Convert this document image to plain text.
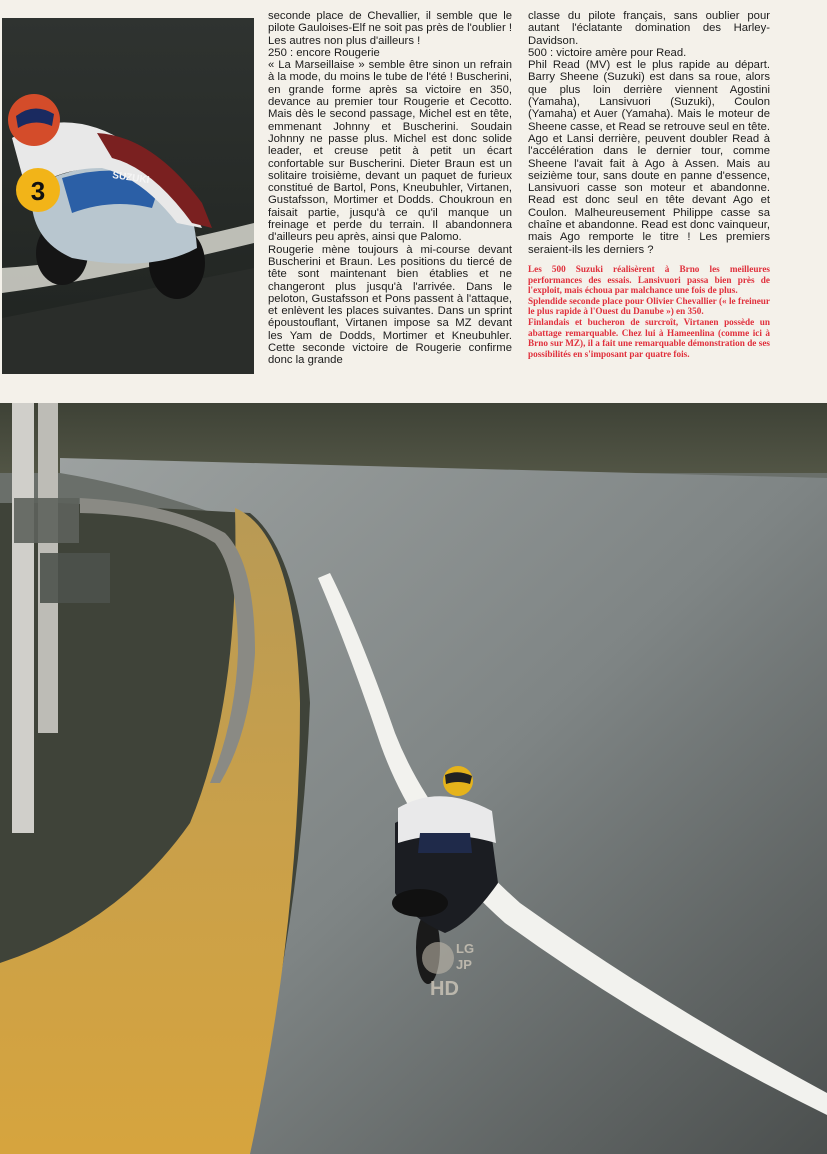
3	SUZUKI

seconde place de Chevallier, il semble que le pilote Gauloises-Elf ne soit pas près de l'oublier ! Les autres non plus d'ailleurs !

250 : encore Rougerie

« La Marseillaise » semble être sinon un refrain à la mode, du moins le tube de l'été ! Buscherini, en grande forme après sa victoire en 350, devance au premier tour Rougerie et Cecotto. Mais dès le second passage, Michel est en tête, emmenant Johnny et Buscherini. Soudain Johnny ne passe plus. Michel est donc solide leader, et creuse petit à petit un écart confortable sur Buscherini. Dieter Braun est un solitaire troisième, devant un paquet de furieux constitué de Bartol, Pons, Kneubuhler, Virtanen, Gustafsson, Mortimer et Dodds. Choukroun en faisait partie, jusqu'à ce qu'il manque un freinage et perde du terrain. Il abandonnera d'ailleurs peu après, ainsi que Palomo.

Rougerie mène toujours à mi-course devant Buscherini et Braun. Les positions du tiercé de tête sont maintenant bien établies et ne changeront plus jusqu'à l'arrivée. Dans le peloton, Gustafsson et Pons passent à l'attaque, et enlèvent les places suivantes. Dans un sprint époustouflant, Virtanen impose sa MZ devant les Yam de Dodds, Mortimer et Kneubuhler. Cette seconde victoire de Rougerie confirme donc la grande

classe du pilote français, sans oublier pour autant l'éclatante domination des Harley-Davidson.

500 : victoire amère pour Read.

Phil Read (MV) est le plus rapide au départ. Barry Sheene (Suzuki) est dans sa roue, alors que plus loin derrière viennent Agostini (Yamaha), Lansivuori (Suzuki), Coulon (Yamaha) et Auer (Yamaha). Mais le moteur de Sheene casse, et Read se retrouve seul en tête. Ago et Lansi derrière, peuvent doubler Read à l'accélération dans le dernier tour, comme Sheene l'avait fait à Ago à Assen. Mais au seizième tour, sans doute en panne d'essence, Lansivuori casse son moteur et abandonne. Read est donc seul en tête devant Ago et Coulon. Malheureusement Philippe casse sa chaîne et abandonne. Read est donc vainqueur, mais Ago remporte le titre ! Les premiers seraient-ils les derniers ?

Les 500 Suzuki réalisèrent à Brno les meilleures performances des essais. Lansivuori passa bien près de l'exploit, mais échoua par malchance une fois de plus.

Splendide seconde place pour Olivier Chevallier (« le freineur le plus rapide à l'Ouest du Danube ») en 350.

Finlandais et bucheron de surcroît, Virtanen possède un abattage remarquable. Chez lui à Hameenlina (comme ici à Brno sur MZ), il a fait une remarquable démonstration de ses possibilités en s'imposant par quatre fois.

LG
JP
HD
